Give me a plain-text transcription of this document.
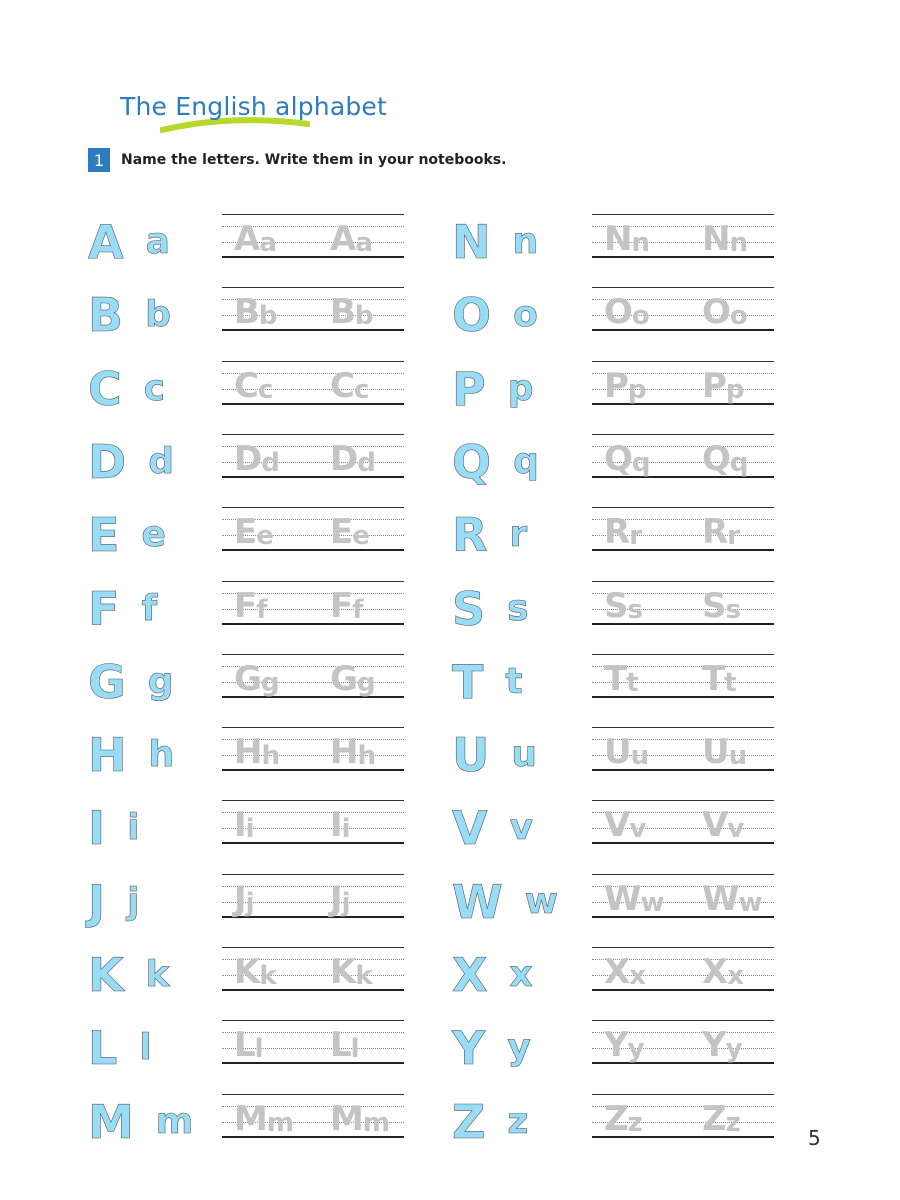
The English alphabet
1	Name the letters. Write them in your notebooks.
A a A a A a
B b B b B b
C c C c C c
D d D d D d
E e E e E e
F f F f F f
G g G g G g
H h H h H h
I i	I i I i
J j	J j J j
K k K k K k
L l L l L l
M m M m M m
N n N n N n
O o O o O o
P p P p P p
Q q Q q Q q
R r R r R r
S s S s S s
T t T t T t
U u U u U u
V v V v V v
W w W w W w
X x X x X x
Y y Y y Y y
Z z Z z Z z	5
